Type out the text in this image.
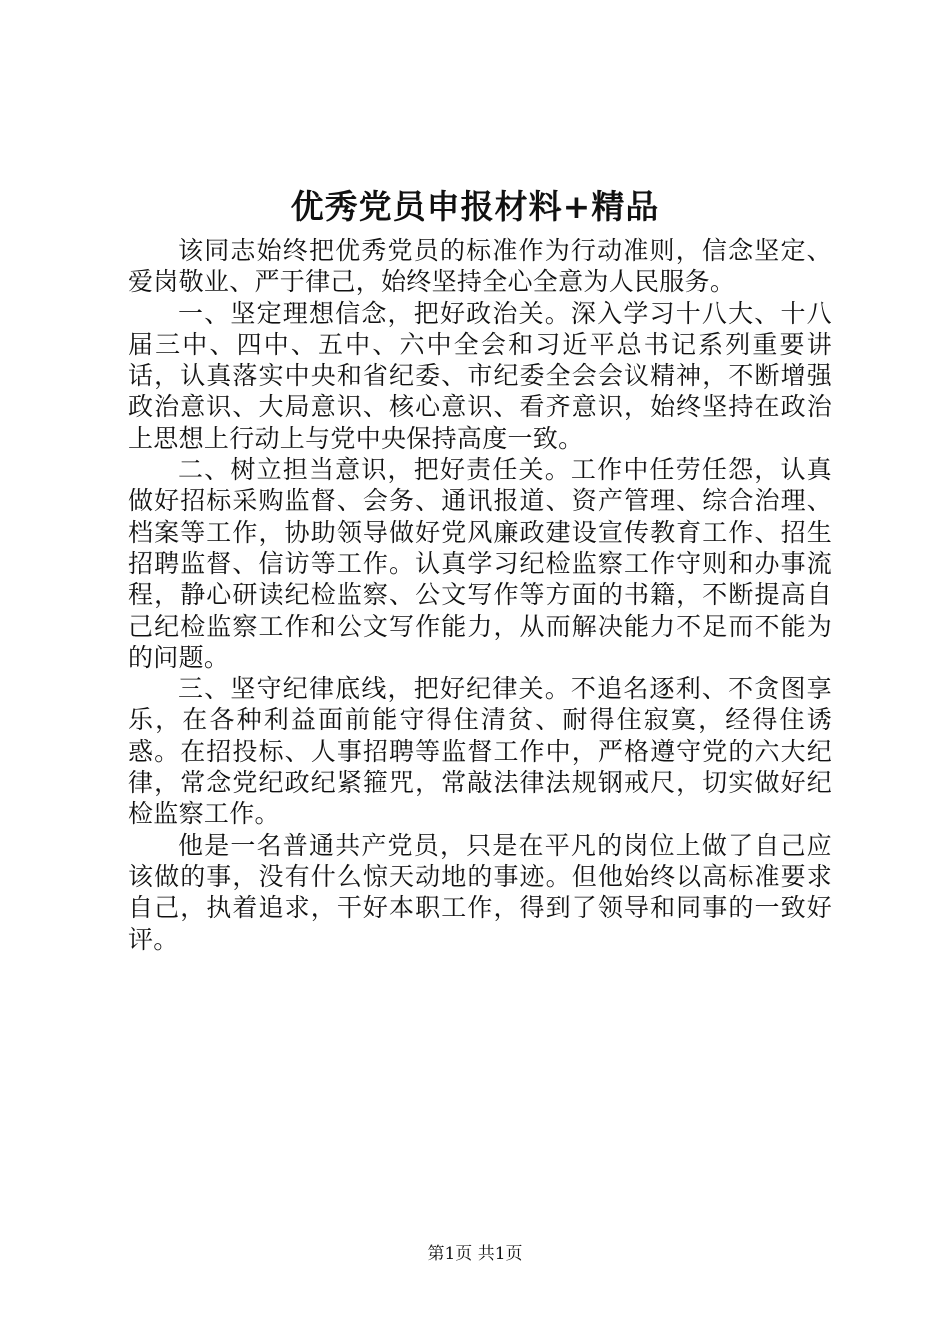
优秀党员申报材料+精品

该同志始终把优秀党员的标准作为行动准则，信念坚定、爱岗敬业、严于律己，始终坚持全心全意为人民服务。

一、坚定理想信念，把好政治关。深入学习十八大、十八届三中、四中、五中、六中全会和习近平总书记系列重要讲话，认真落实中央和省纪委、市纪委全会会议精神，不断增强政治意识、大局意识、核心意识、看齐意识，始终坚持在政治上思想上行动上与党中央保持高度一致。

二、树立担当意识，把好责任关。工作中任劳任怨，认真做好招标采购监督、会务、通讯报道、资产管理、综合治理、档案等工作，协助领导做好党风廉政建设宣传教育工作、招生招聘监督、信访等工作。认真学习纪检监察工作守则和办事流程，静心研读纪检监察、公文写作等方面的书籍，不断提高自己纪检监察工作和公文写作能力，从而解决能力不足而不能为的问题。

三、坚守纪律底线，把好纪律关。不追名逐利、不贪图享乐，在各种利益面前能守得住清贫、耐得住寂寞，经得住诱惑。在招投标、人事招聘等监督工作中，严格遵守党的六大纪律，常念党纪政纪紧箍咒，常敲法律法规钢戒尺，切实做好纪检监察工作。

他是一名普通共产党员，只是在平凡的岗位上做了自己应该做的事，没有什么惊天动地的事迹。但他始终以高标准要求自己，执着追求，干好本职工作，得到了领导和同事的一致好评。

第1页 共1页
